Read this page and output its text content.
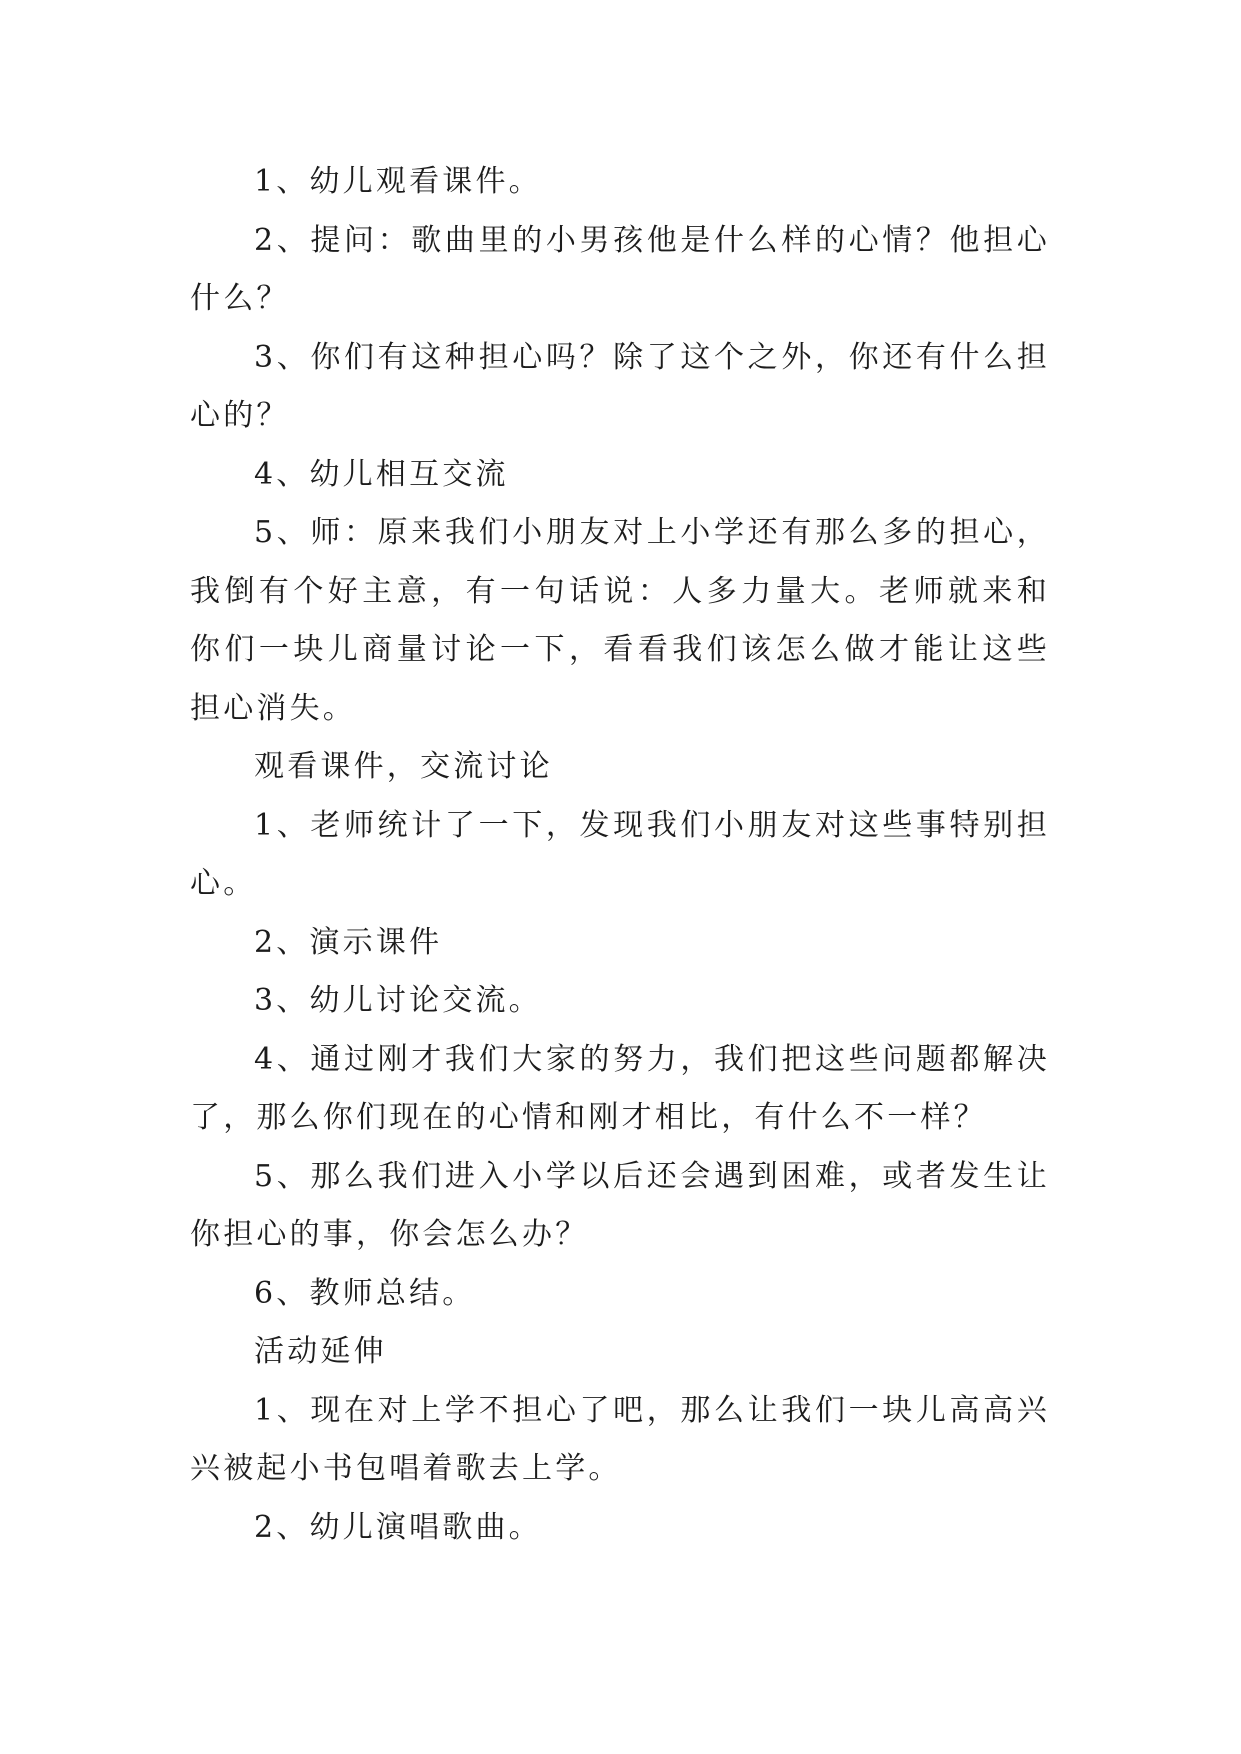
1、幼儿观看课件。

2、提问：歌曲里的小男孩他是什么样的心情？他担心什么？

3、你们有这种担心吗？除了这个之外，你还有什么担心的？

4、幼儿相互交流

5、师：原来我们小朋友对上小学还有那么多的担心，我倒有个好主意，有一句话说：人多力量大。老师就来和你们一块儿商量讨论一下，看看我们该怎么做才能让这些担心消失。

观看课件，交流讨论

1、老师统计了一下，发现我们小朋友对这些事特别担心。

2、演示课件

3、幼儿讨论交流。

4、通过刚才我们大家的努力，我们把这些问题都解决了，那么你们现在的心情和刚才相比，有什么不一样？

5、那么我们进入小学以后还会遇到困难，或者发生让你担心的事，你会怎么办？

6、教师总结。

活动延伸

1、现在对上学不担心了吧，那么让我们一块儿高高兴兴被起小书包唱着歌去上学。

2、幼儿演唱歌曲。
